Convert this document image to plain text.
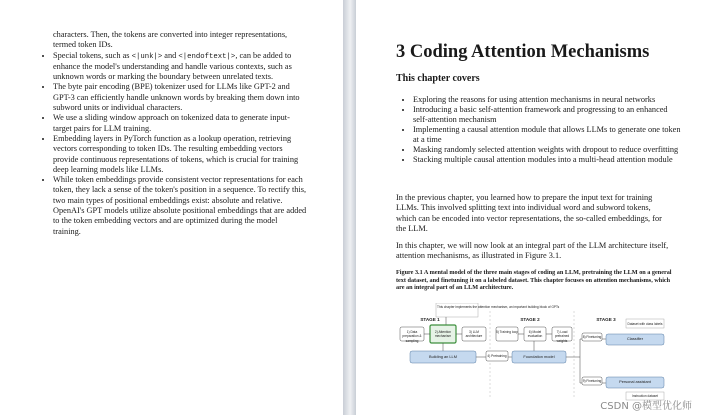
characters. Then, the tokens are converted into integer representations, termed token IDs.

• Special tokens, such as <|unk|> and <|endoftext|>, can be added to enhance the model's understanding and handle various contexts, such as unknown words or marking the boundary between unrelated texts.
• The byte pair encoding (BPE) tokenizer used for LLMs like GPT-2 and GPT-3 can efficiently handle unknown words by breaking them down into subword units or individual characters.
• We use a sliding window approach on tokenized data to generate input-target pairs for LLM training.
• Embedding layers in PyTorch function as a lookup operation, retrieving vectors corresponding to token IDs. The resulting embedding vectors provide continuous representations of tokens, which is crucial for training deep learning models like LLMs.
• While token embeddings provide consistent vector representations for each token, they lack a sense of the token's position in a sequence. To rectify this, two main types of positional embeddings exist: absolute and relative. OpenAI's GPT models utilize absolute positional embeddings that are added to the token embedding vectors and are optimized during the model training.
3 Coding Attention Mechanisms
This chapter covers
• Exploring the reasons for using attention mechanisms in neural networks
• Introducing a basic self-attention framework and progressing to an enhanced self-attention mechanism
• Implementing a causal attention module that allows LLMs to generate one token at a time
• Masking randomly selected attention weights with dropout to reduce overfitting
• Stacking multiple causal attention modules into a multi-head attention module

In the previous chapter, you learned how to prepare the input text for training LLMs. This involved splitting text into individual word and subword tokens, which can be encoded into vector representations, the so-called embeddings, for the LLM.

In this chapter, we will now look at an integral part of the LLM architecture itself, attention mechanisms, as illustrated in Figure 3.1.

Figure 3.1 A mental model of the three main stages of coding an LLM, pretraining the LLM on a general text dataset, and finetuning it on a labeled dataset. This chapter focuses on attention mechanisms, which are an integral part of an LLM architecture.

This chapter implements the attention mechanism, an important building block of GPTs
STAGE 1	STAGE 2	STAGE 3
1) Data preparation & sampling
2) Attention mechanism
3) LLM architecture
Building an LLM	4) Pretraining
5) Training loop	6) Model evaluation
7) Load pretrained weights
Foundation model
Dataset with class labels
8) Finetuning
9) Finetuning
Classifier
Personal assistant
Instruction dataset
CSDN @模型优化师
